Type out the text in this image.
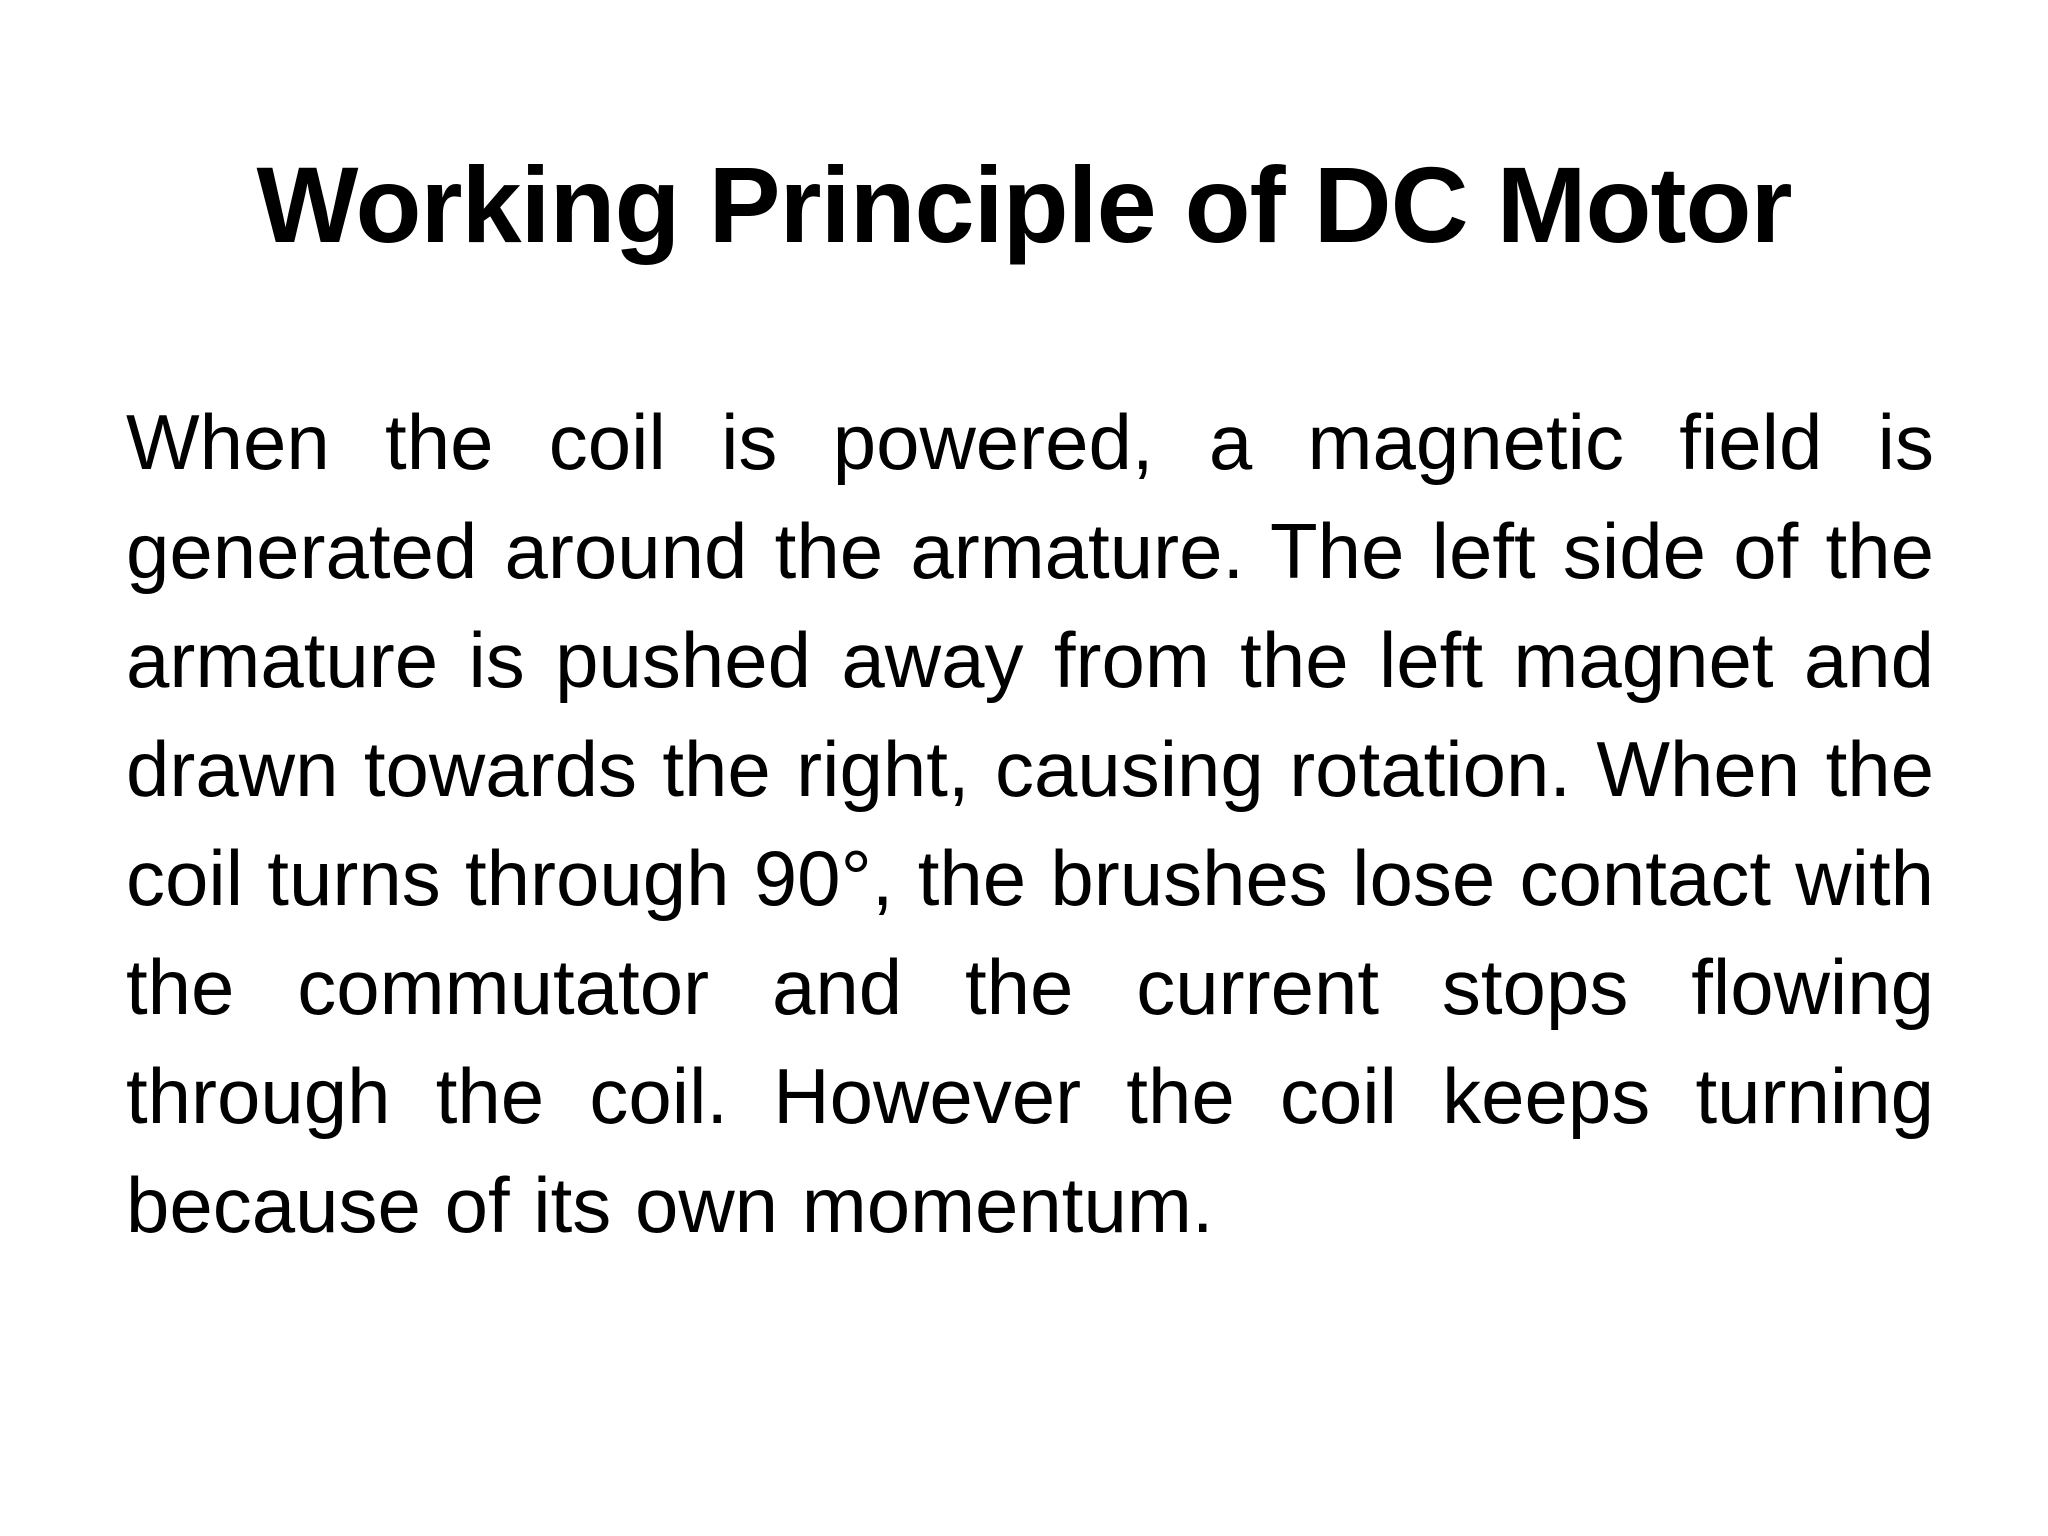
Working Principle of DC Motor

When the coil is powered, a magnetic field is generated around the armature. The left side of the armature is pushed away from the left magnet and drawn towards the right, causing rotation. When the coil turns through 90°, the brushes lose contact with the commutator and the current stops flowing through the coil. However the coil keeps turning because of its own momentum.
